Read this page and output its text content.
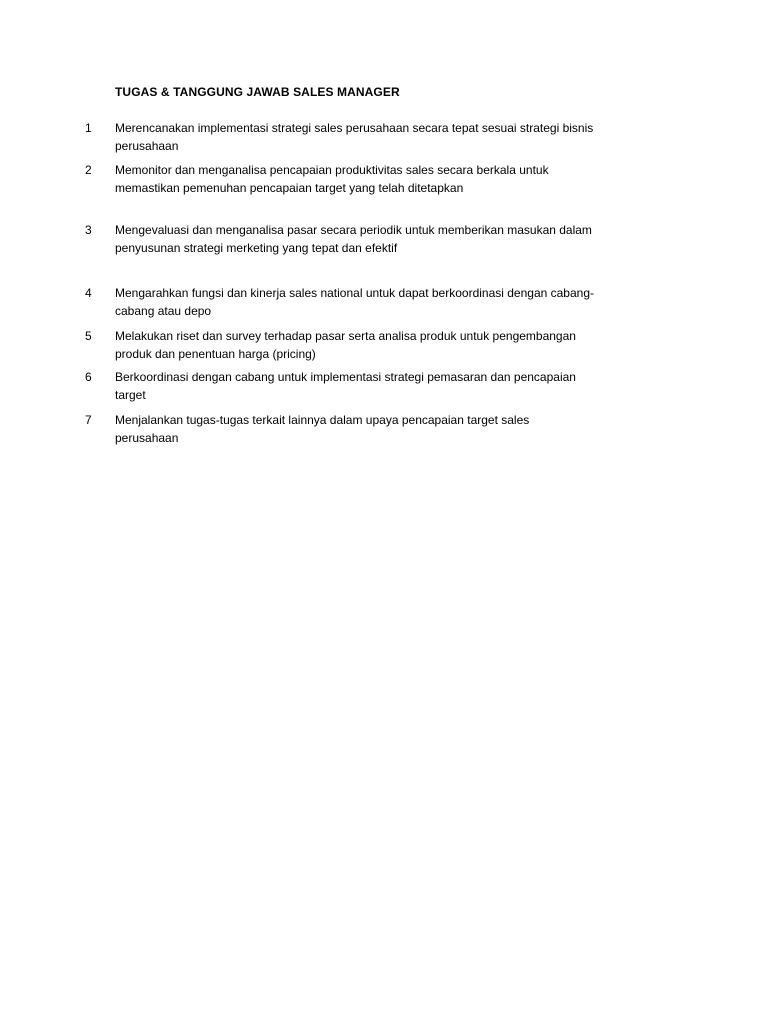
TUGAS & TANGGUNG JAWAB SALES MANAGER
1 Merencanakan implementasi strategi sales perusahaan secara tepat sesuai strategi bisnis perusahaan
2 Memonitor dan menganalisa pencapaian produktivitas sales secara berkala untuk memastikan pemenuhan pencapaian target yang telah ditetapkan
3 Mengevaluasi dan menganalisa pasar secara periodik untuk memberikan masukan dalam penyusunan strategi merketing yang tepat dan efektif
4 Mengarahkan fungsi dan kinerja sales national untuk dapat berkoordinasi dengan cabang-cabang atau depo
5 Melakukan riset dan survey terhadap pasar serta analisa produk untuk pengembangan produk dan penentuan harga (pricing)
6 Berkoordinasi dengan cabang untuk implementasi strategi pemasaran dan pencapaian target
7 Menjalankan tugas-tugas terkait lainnya dalam upaya pencapaian target sales perusahaan
